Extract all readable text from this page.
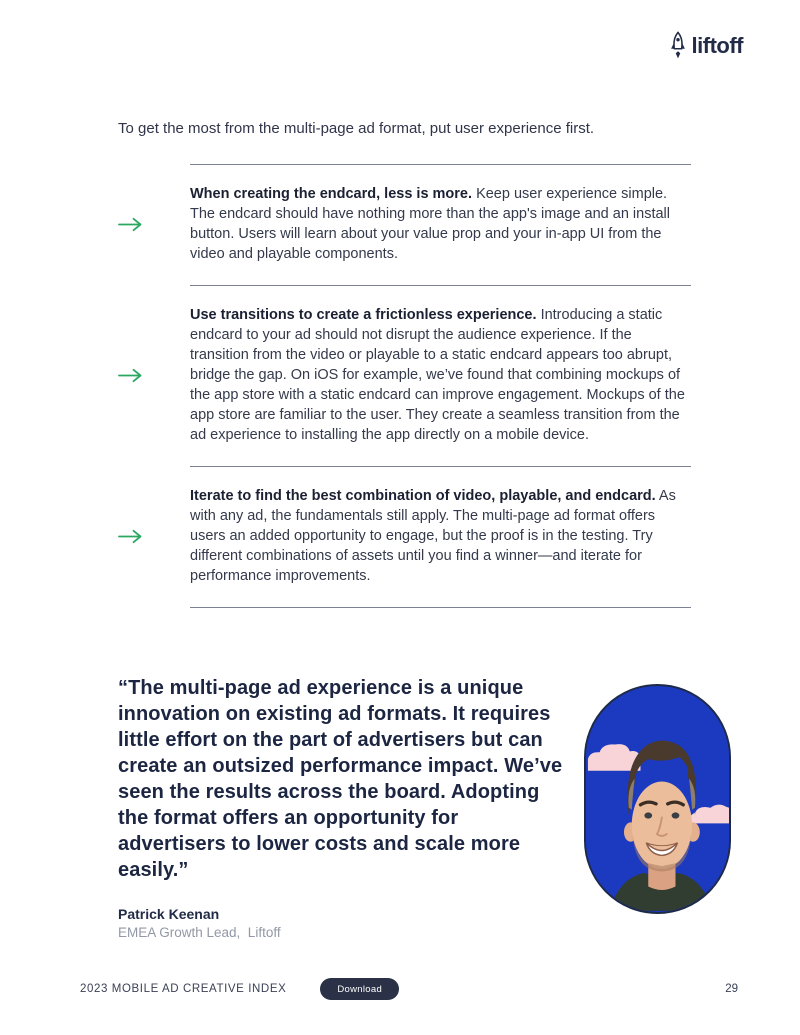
liftoff

To get the most from the multi-page ad format, put user experience first.

When creating the endcard, less is more. Keep user experience simple. The endcard should have nothing more than the app's image and an install button. Users will learn about your value prop and your in-app UI from the video and playable components.

Use transitions to create a frictionless experience. Introducing a static endcard to your ad should not disrupt the audience experience. If the transition from the video or playable to a static endcard appears too abrupt, bridge the gap. On iOS for example, we’ve found that combining mockups of the app store with a static endcard can improve engagement. Mockups of the app store are familiar to the user. They create a seamless transition from the ad experience to installing the app directly on a mobile device.

Iterate to find the best combination of video, playable, and endcard. As with any ad, the fundamentals still apply. The multi-page ad format offers users an added opportunity to engage, but the proof is in the testing. Try different combinations of assets until you find a winner—and iterate for performance improvements.

“The multi-page ad experience is a unique innovation on existing ad formats. It requires little effort on the part of advertisers but can create an outsized performance impact. We’ve seen the results across the board. Adopting the format offers an opportunity for advertisers to lower costs and scale more easily.”

Patrick Keenan
EMEA Growth Lead,  Liftoff
2023 MOBILE AD CREATIVE INDEX	Download	29
